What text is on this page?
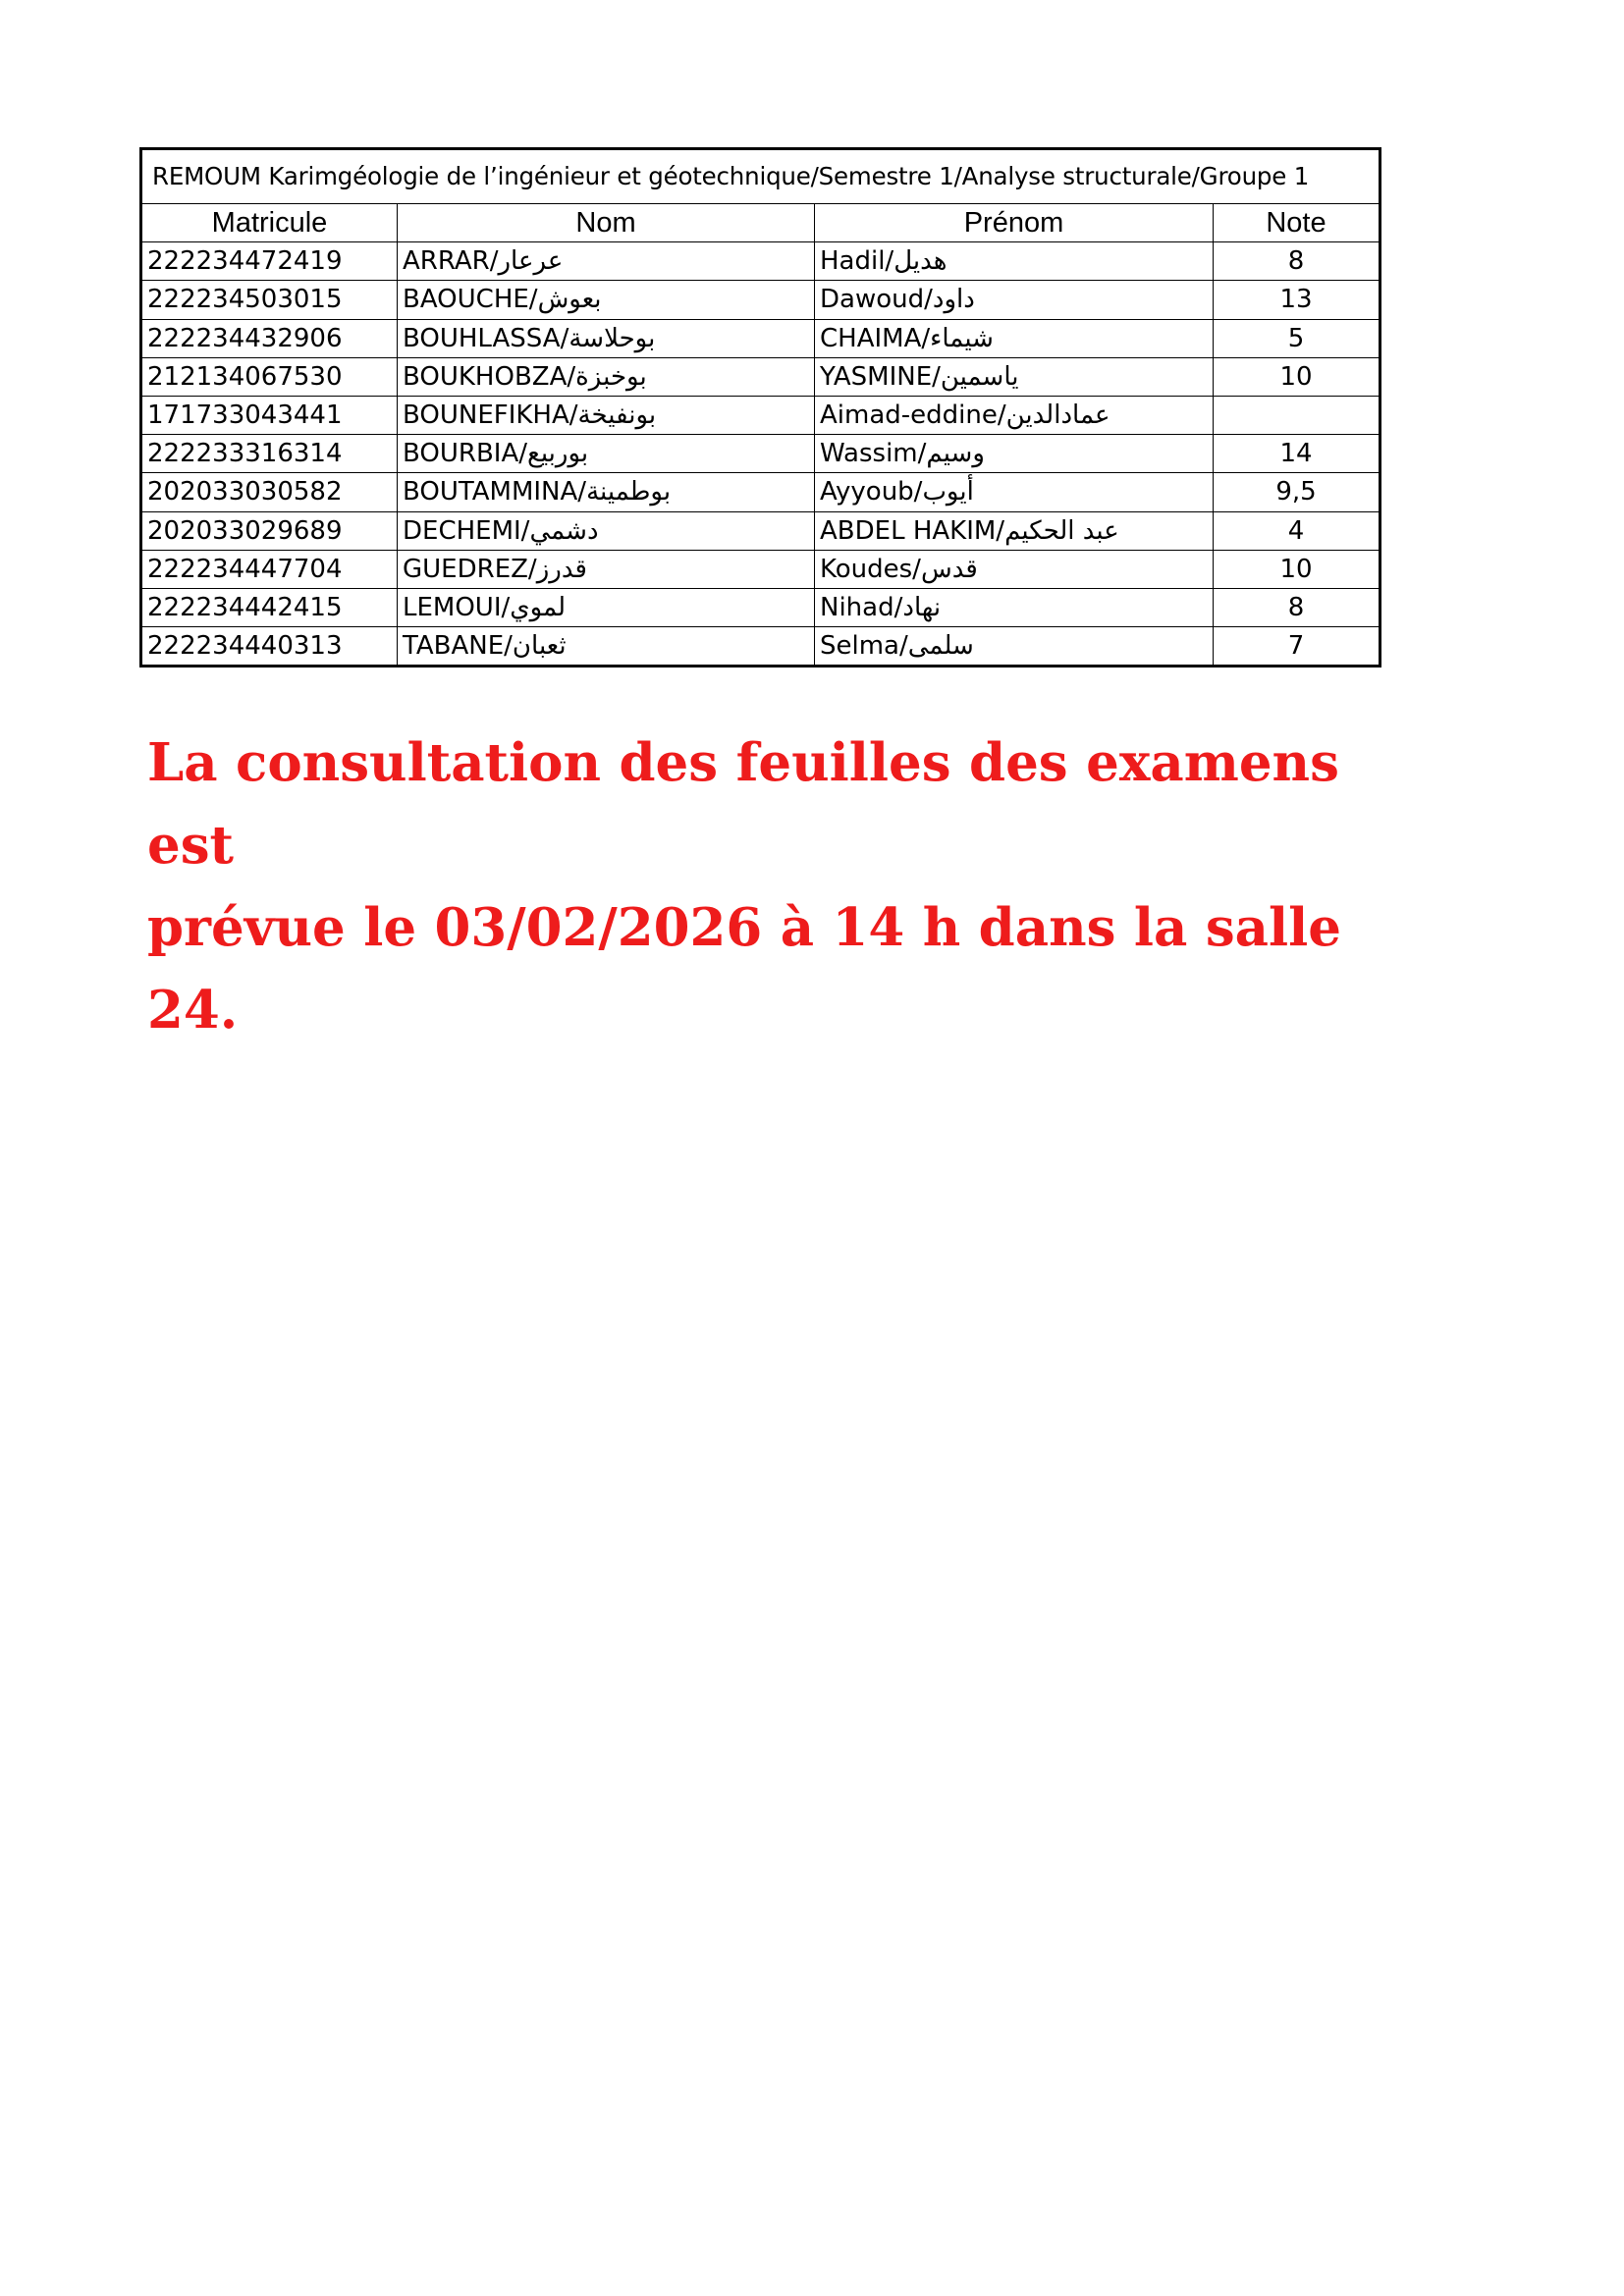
REMOUM Karimgéologie de l’ingénieur et géotechnique/Semestre 1/Analyse structurale/Groupe 1			
Matricule	Nom	Prénom	Note
222234472419	ARRAR/عرعار	Hadil/هديل	8
222234503015	BAOUCHE/بعوش	Dawoud/داود	13
222234432906	BOUHLASSA/بوحلاسة	CHAIMA/شيماء	5
212134067530	BOUKHOBZA/بوخبزة	YASMINE/ياسمين	10
171733043441	BOUNEFIKHA/بونفيخة	Aimad-eddine/عمادالدين	
222233316314	BOURBIA/بوربيع	Wassim/وسيم	14
202033030582	BOUTAMMINA/بوطمينة	Ayyoub/أيوب	9,5
202033029689	DECHEMI/دشمي	ABDEL HAKIM/عبد الحكيم	4
222234447704	GUEDREZ/قدرز	Koudes/قدس	10
222234442415	LEMOUI/لموي	Nihad/نهاد	8
222234440313	TABANE/ثعبان	Selma/سلمى	7

La consultation des feuilles des examens est
prévue le 03/02/2026 à 14 h dans la salle 24.
